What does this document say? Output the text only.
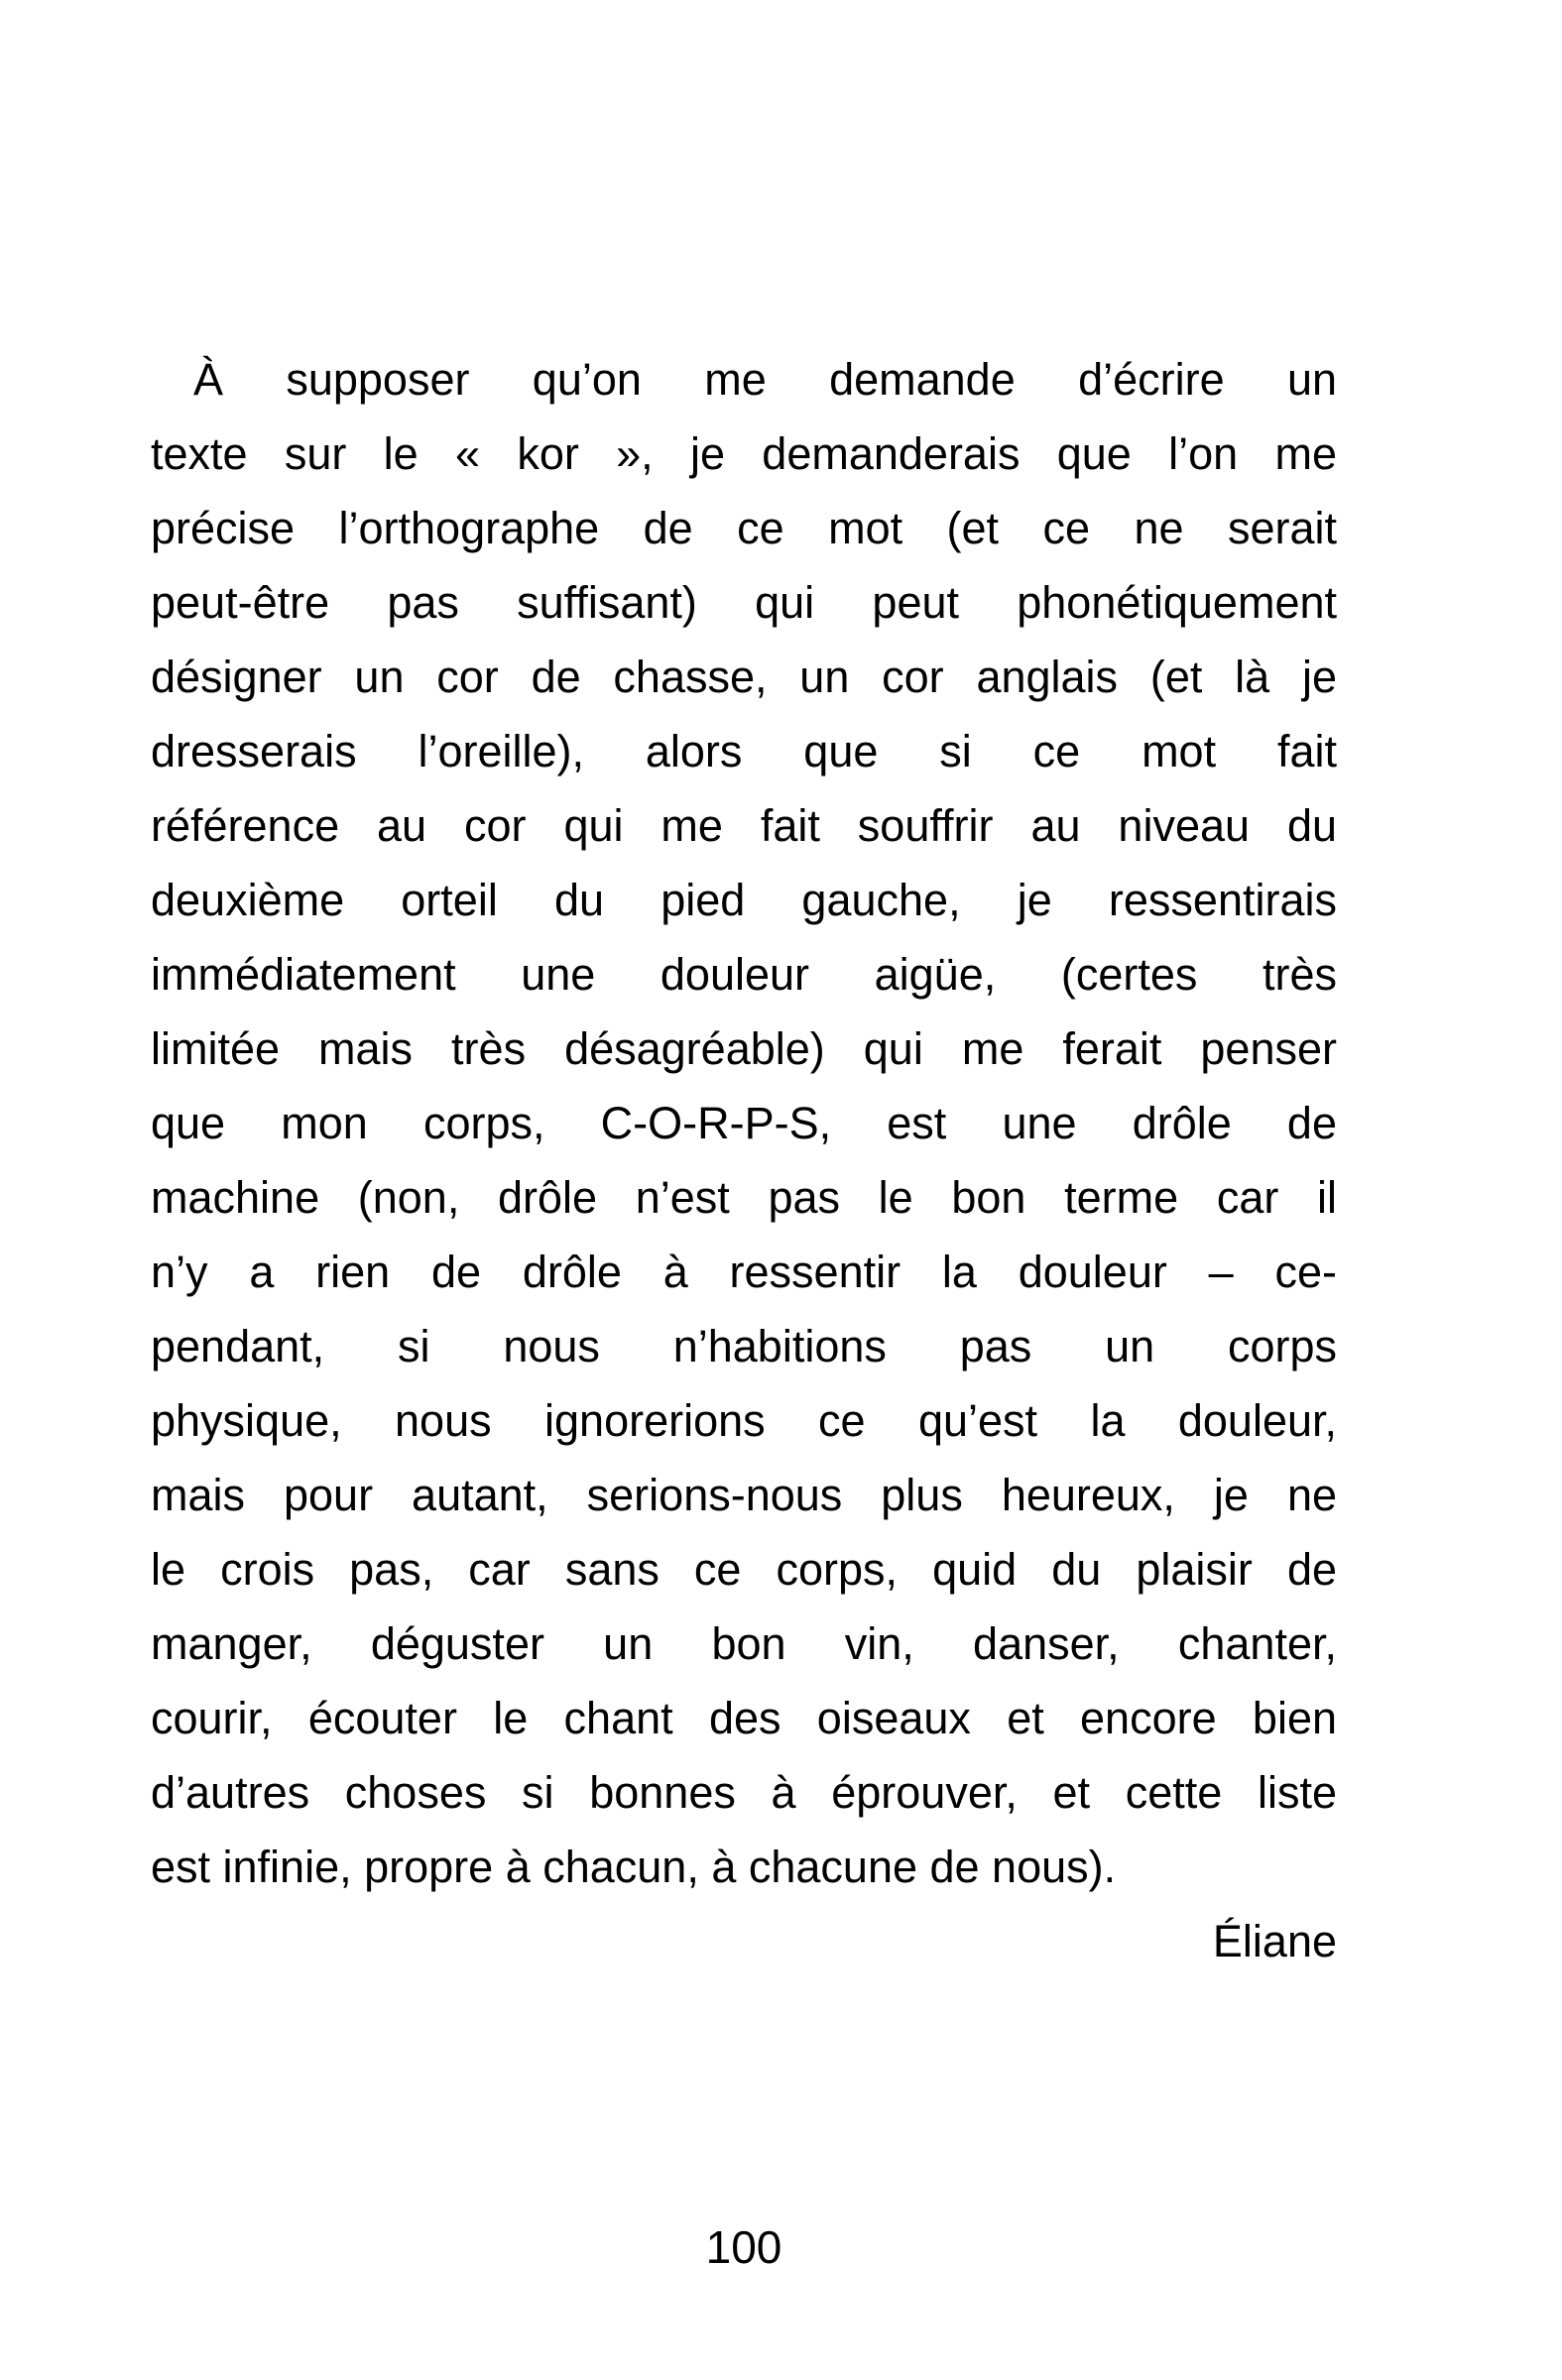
À supposer qu’on me demande d’écrire un
texte sur le « kor », je demanderais que l’on me
précise l’orthographe de ce mot (et ce ne serait
peut-être pas suffisant) qui peut phonétiquement
désigner un cor de chasse, un cor anglais (et là je
dresserais l’oreille), alors que si ce mot fait
référence au cor qui me fait souffrir au niveau du
deuxième orteil du pied gauche, je ressentirais
immédiatement une douleur aigüe, (certes très
limitée mais très désagréable) qui me ferait penser
que mon corps, C-O-R-P-S, est une drôle de
machine (non, drôle n’est pas le bon terme car il
n’y a rien de drôle à ressentir la douleur – ce-
pendant, si nous n’habitions pas un corps
physique, nous ignorerions ce qu’est la douleur,
mais pour autant, serions-nous plus heureux, je ne
le crois pas, car sans ce corps, quid du plaisir de
manger, déguster un bon vin, danser, chanter,
courir, écouter le chant des oiseaux et encore bien
d’autres choses si bonnes à éprouver, et cette liste
est infinie, propre à chacun, à chacune de nous).
Éliane
100
